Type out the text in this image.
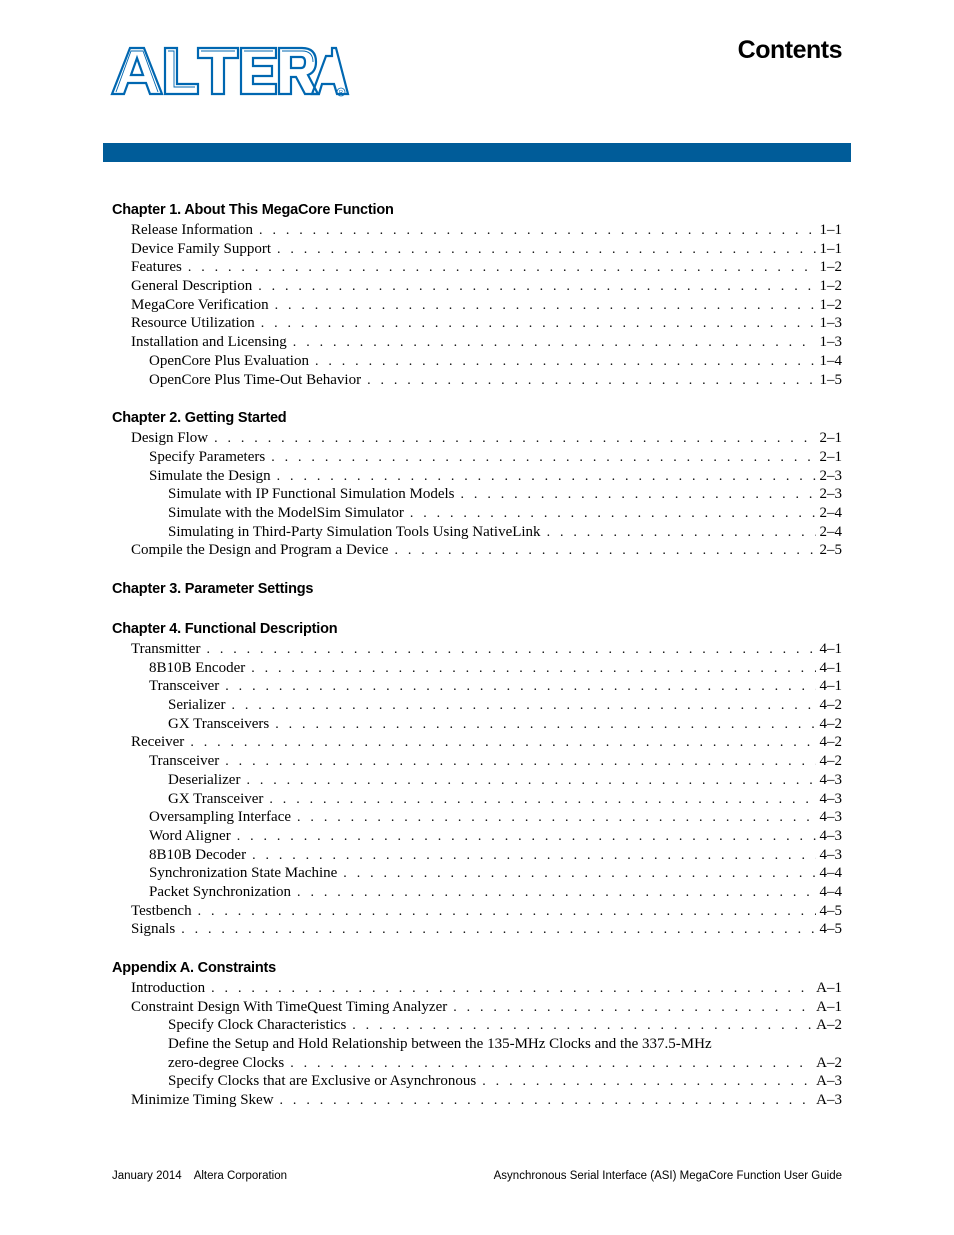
R
Contents
Chapter 1. About This MegaCore Function
Release Information . . .	1–1
Device Family Support . . .	1–1
Features . . .	1–2
General Description . . .	1–2
MegaCore Verification . . .	1–2
Resource Utilization . . .	1–3
Installation and Licensing . . .	1–3
OpenCore Plus Evaluation . . .	1–4
OpenCore Plus Time-Out Behavior . . .	1–5
Chapter 2. Getting Started
Design Flow . . .	2–1
Specify Parameters . . .	2–1
Simulate the Design . . .	2–3
Simulate with IP Functional Simulation Models . . .	2–3
Simulate with the ModelSim Simulator . . .	2–4
Simulating in Third-Party Simulation Tools Using NativeLink . . .	2–4
Compile the Design and Program a Device . . .	2–5
Chapter 3. Parameter Settings
Chapter 4. Functional Description
Transmitter . . .	4–1
8B10B Encoder . . .	4–1
Transceiver . . .	4–1
Serializer . . .	4–2
GX Transceivers . . .	4–2
Receiver . . .	4–2
Transceiver . . .	4–2
Deserializer . . .	4–3
GX Transceiver . . .	4–3
Oversampling Interface . . .	4–3
Word Aligner . . .	4–3
8B10B Decoder . . .	4–3
Synchronization State Machine . . .	4–4
Packet Synchronization . . .	4–4
Testbench . . .	4–5
Signals . . .	4–5
Appendix A. Constraints
Introduction . . .	A–1
Constraint Design With TimeQuest Timing Analyzer . . .	A–1
Specify Clock Characteristics . . .	A–2
Define the Setup and Hold Relationship between the 135-MHz Clocks and the 337.5-MHz
zero-degree Clocks . . .	A–2
Specify Clocks that are Exclusive or Asynchronous . . .	A–3
Minimize Timing Skew . . .	A–3
January 2014 Altera Corporation	Asynchronous Serial Interface (ASI) MegaCore Function User Guide
